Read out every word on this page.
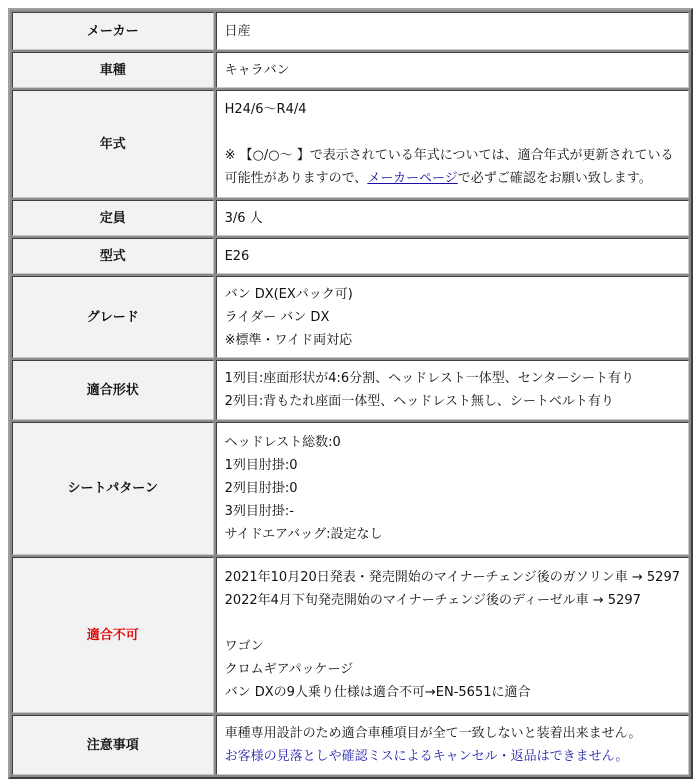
メーカー	日産

車種	キャラバン

年式	H24/6～R4/4
※ 【○/○～ 】で表示されている年式については、適合年式が更新されている
可能性がありますので、メーカーページで必ずご確認をお願い致します。

定員	3/6 人

型式	E26

グレード	バン DX(EXパック可)
ライダー バン DX
※標準・ワイド両対応

適合形状	1列目:座面形状が4:6分割、ヘッドレスト一体型、センターシート有り
2列目:背もたれ座面一体型、ヘッドレスト無し、シートベルト有り

シートパターン	ヘッドレスト総数:0
1列目肘掛:0
2列目肘掛:0
3列目肘掛:-
サイドエアバッグ:設定なし

適合不可	2021年10月20日発表・発売開始のマイナーチェンジ後のガソリン車 → 5297
2022年4月下旬発売開始のマイナーチェンジ後のディーゼル車 → 5297
ワゴン
クロムギアパッケージ
バン DXの9人乗り仕様は適合不可→EN-5651に適合

注意事項	車種専用設計のため適合車種項目が全て一致しないと装着出来ません。
お客様の見落としや確認ミスによるキャンセル・返品はできません。
